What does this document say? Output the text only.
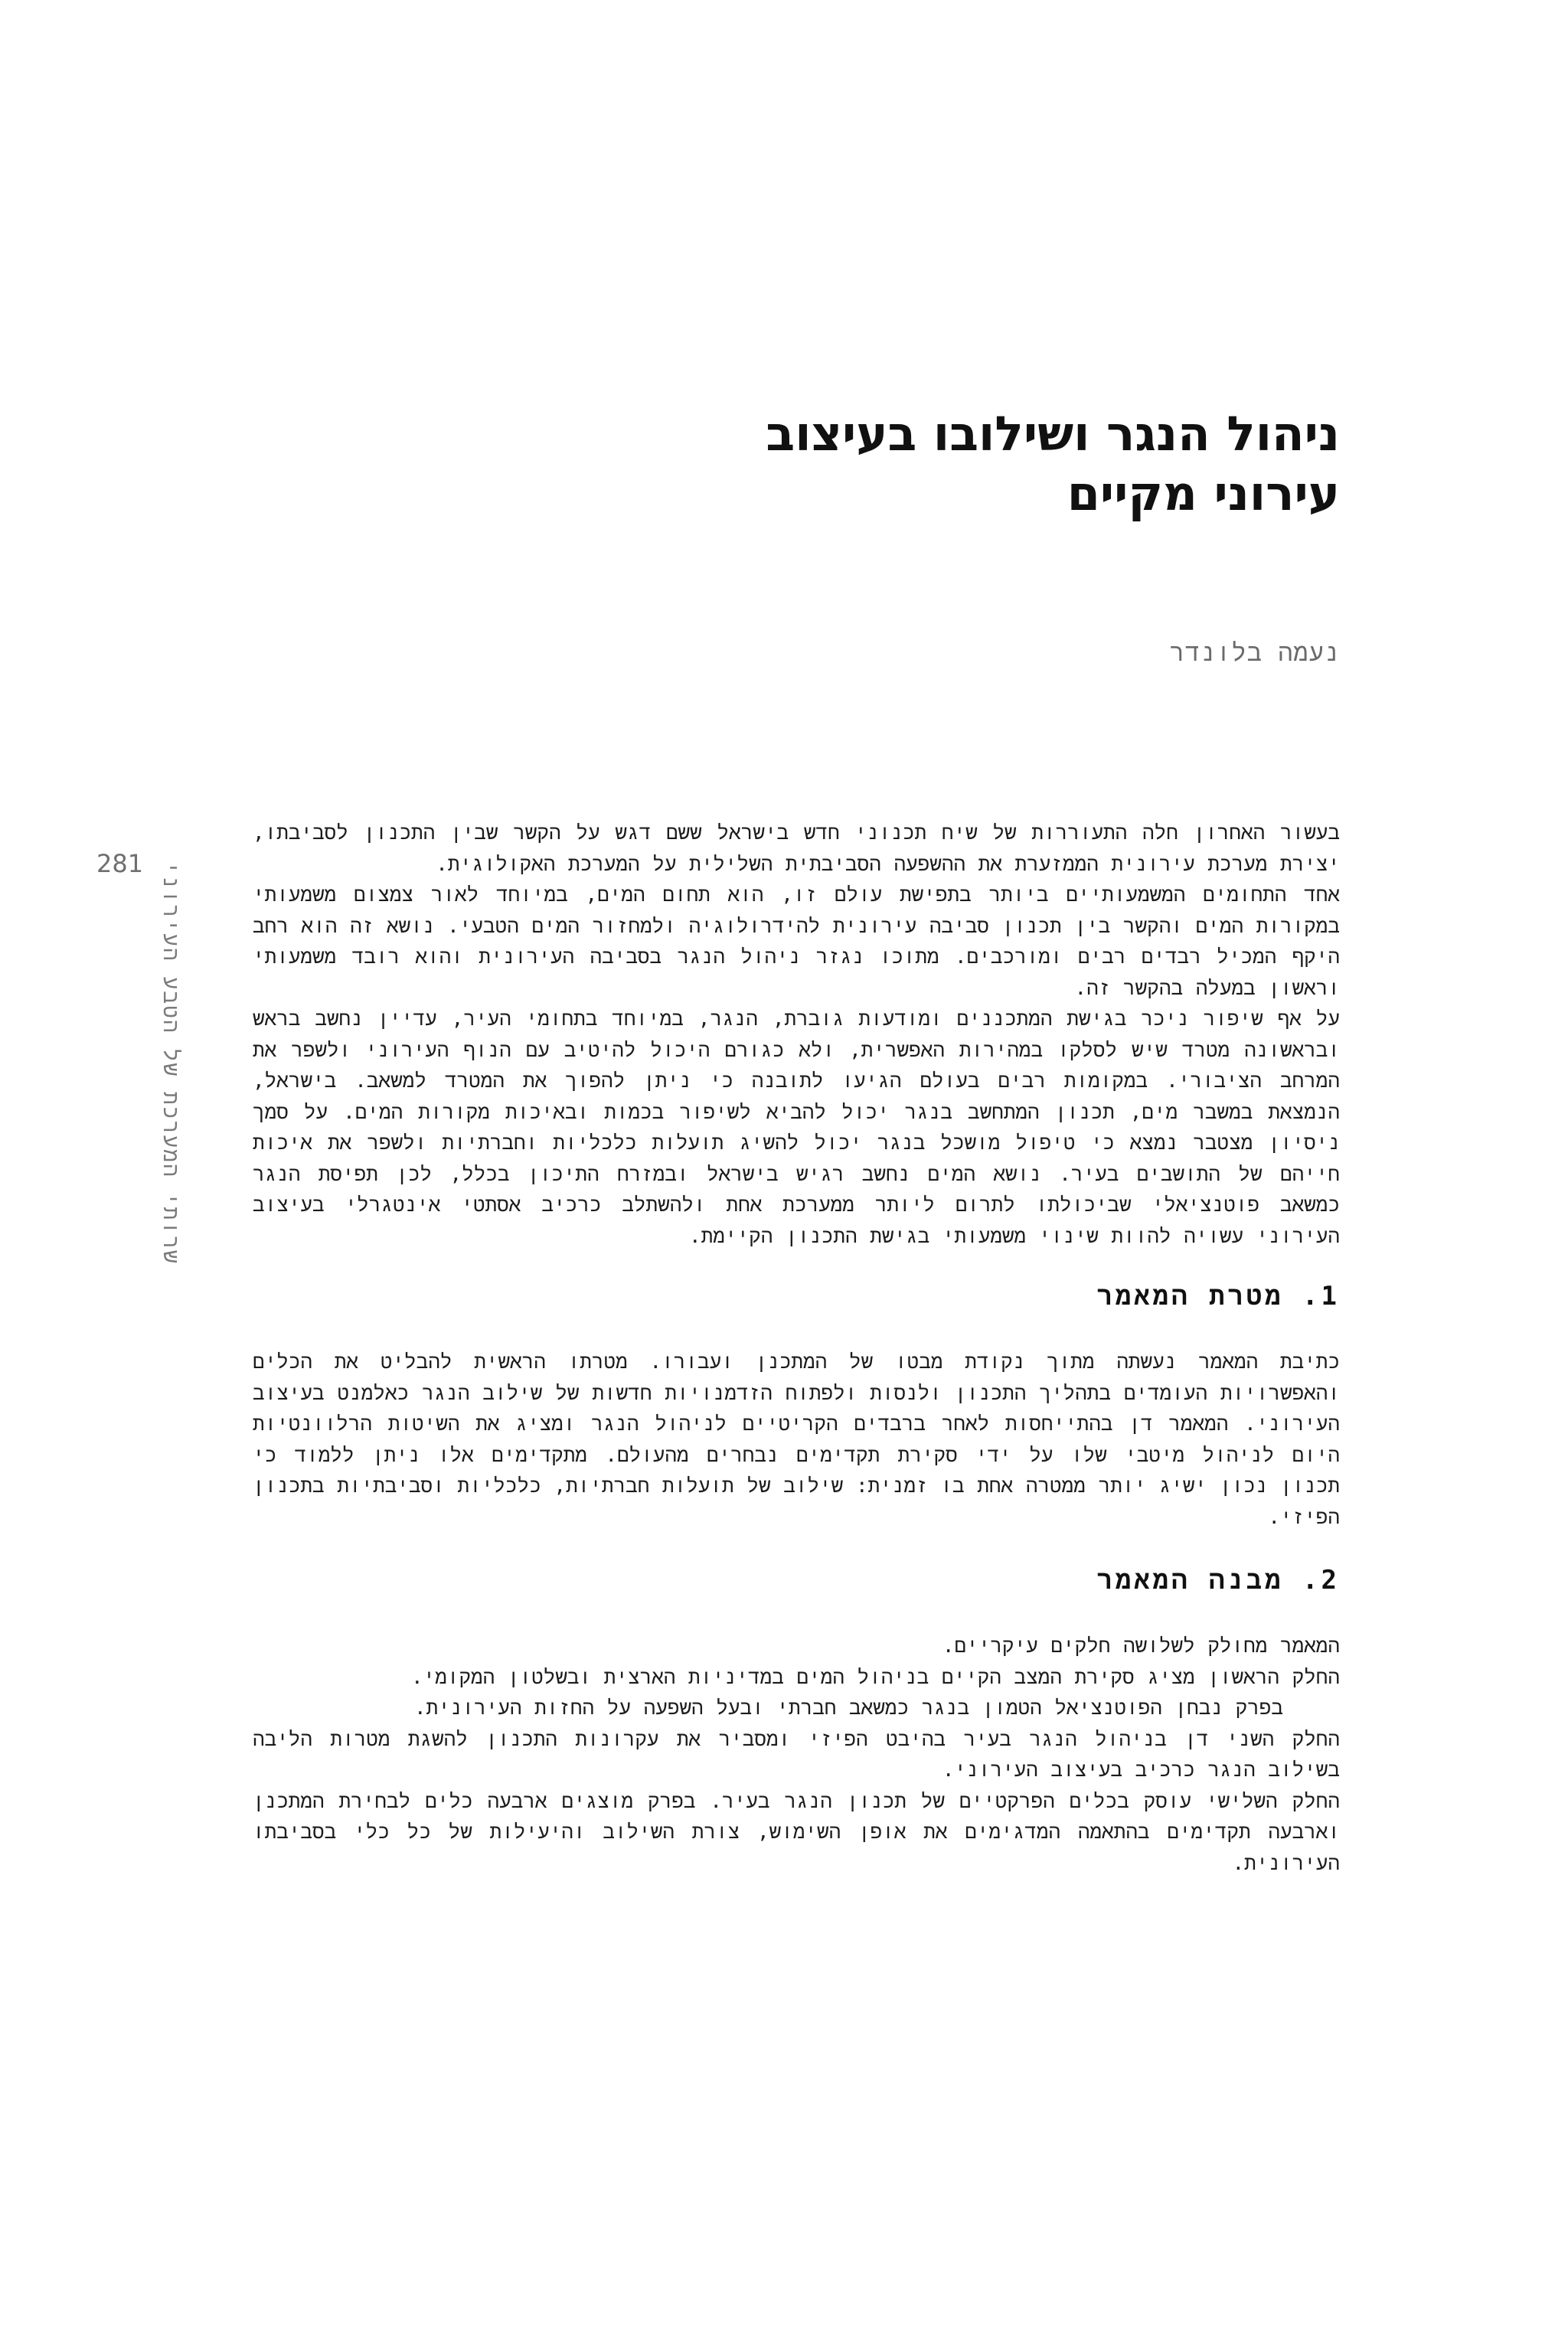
ניהול הנגר ושילובו בעיצוב
עירוני מקיים
נעמה בלונדר
281 שרותי המערכת של הטבע העירוני

בעשור האחרון חלה התעוררות של שיח תכנוני חדש בישראל ששם דגש על הקשר שבין התכנון לסביבתו, יצירת מערכת עירונית הממזערת את ההשפעה הסביבתית השלילית על המערכת האקולוגית.

אחד התחומים המשמעותיים ביותר בתפישת עולם זו, הוא תחום המים, במיוחד לאור צמצום משמעותי במקורות המים והקשר בין תכנון סביבה עירונית להידרולוגיה ולמחזור המים הטבעי. נושא זה הוא רחב היקף המכיל רבדים רבים ומורכבים. מתוכו נגזר ניהול הנגר בסביבה העירונית והוא רובד משמעותי וראשון במעלה בהקשר זה.

על אף שיפור ניכר בגישת המתכננים ומודעות גוברת, הנגר, במיוחד בתחומי העיר, עדיין נחשב בראש ובראשונה מטרד שיש לסלקו במהירות האפשרית, ולא כגורם היכול להיטיב עם הנוף העירוני ולשפר את המרחב הציבורי. במקומות רבים בעולם הגיעו לתובנה כי ניתן להפוך את המטרד למשאב. בישראל, הנמצאת במשבר מים, תכנון המתחשב בנגר יכול להביא לשיפור בכמות ובאיכות מקורות המים. על סמך ניסיון מצטבר נמצא כי טיפול מושכל בנגר יכול להשיג תועלות כלכליות וחברתיות ולשפר את איכות חייהם של התושבים בעיר. נושא המים נחשב רגיש בישראל ובמזרח התיכון בכלל, לכן תפיסת הנגר כמשאב פוטנציאלי שביכולתו לתרום ליותר ממערכת אחת ולהשתלב כרכיב אסתטי אינטגרלי בעיצוב העירוני עשויה להוות שינוי משמעותי בגישת התכנון הקיימת.

1. מטרת המאמר

כתיבת המאמר נעשתה מתוך נקודת מבטו של המתכנן ועבורו. מטרתו הראשית להבליט את הכלים והאפשרויות העומדים בתהליך התכנון ולנסות ולפתוח הזדמנויות חדשות של שילוב הנגר כאלמנט בעיצוב העירוני. המאמר דן בהתייחסות לאחר ברבדים הקריטיים לניהול הנגר ומציג את השיטות הרלוונטיות היום לניהול מיטבי שלו על ידי סקירת תקדימים נבחרים מהעולם. מתקדימים אלו ניתן ללמוד כי תכנון נכון ישיג יותר ממטרה אחת בו זמנית: שילוב של תועלות חברתיות, כלכליות וסביבתיות בתכנון הפיזי.

2. מבנה המאמר

המאמר מחולק לשלושה חלקים עיקריים.

החלק הראשון מציג סקירת המצב הקיים בניהול המים במדיניות הארצית ובשלטון המקומי.

בפרק נבחן הפוטנציאל הטמון בנגר כמשאב חברתי ובעל השפעה על החזות העירונית.

החלק השני דן בניהול הנגר בעיר בהיבט הפיזי ומסביר את עקרונות התכנון להשגת מטרות הליבה בשילוב הנגר כרכיב בעיצוב העירוני.

החלק השלישי עוסק בכלים הפרקטיים של תכנון הנגר בעיר. בפרק מוצגים ארבעה כלים לבחירת המתכנן וארבעה תקדימים בהתאמה המדגימים את אופן השימוש, צורת השילוב והיעילות של כל כלי בסביבתו העירונית.
